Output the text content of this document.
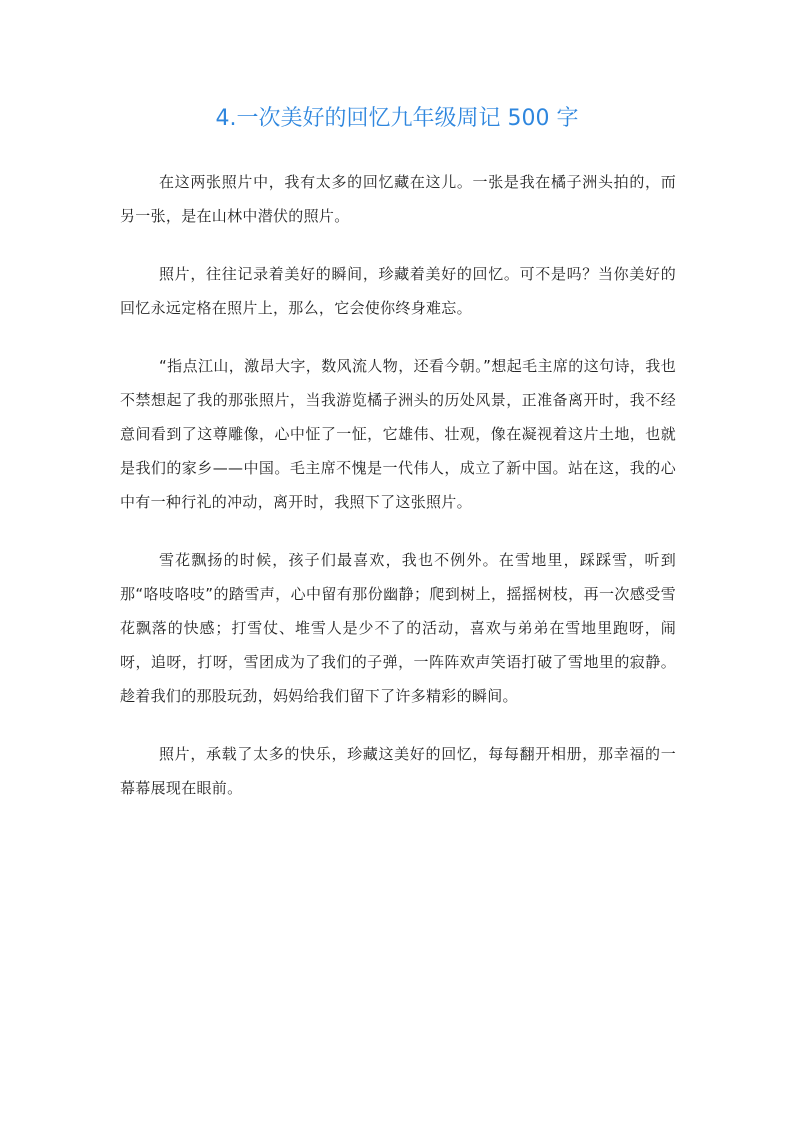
4.一次美好的回忆九年级周记 500 字

在这两张照片中，我有太多的回忆藏在这儿。一张是我在橘子洲头拍的，而另一张，是在山林中潜伏的照片。

照片，往往记录着美好的瞬间，珍藏着美好的回忆。可不是吗？当你美好的回忆永远定格在照片上，那么，它会使你终身难忘。

“指点江山，激昂大字，数风流人物，还看今朝。”想起毛主席的这句诗，我也不禁想起了我的那张照片，当我游览橘子洲头的历处风景，正准备离开时，我不经意间看到了这尊雕像，心中怔了一怔，它雄伟、壮观，像在凝视着这片土地，也就是我们的家乡——中国。毛主席不愧是一代伟人，成立了新中国。站在这，我的心中有一种行礼的冲动，离开时，我照下了这张照片。

雪花飘扬的时候，孩子们最喜欢，我也不例外。在雪地里，踩踩雪，听到那“咯吱咯吱”的踏雪声，心中留有那份幽静；爬到树上，摇摇树枝，再一次感受雪花飘落的快感；打雪仗、堆雪人是少不了的活动，喜欢与弟弟在雪地里跑呀，闹呀，追呀，打呀，雪团成为了我们的子弹，一阵阵欢声笑语打破了雪地里的寂静。趁着我们的那股玩劲，妈妈给我们留下了许多精彩的瞬间。

照片，承载了太多的快乐，珍藏这美好的回忆，每每翻开相册，那幸福的一幕幕展现在眼前。
